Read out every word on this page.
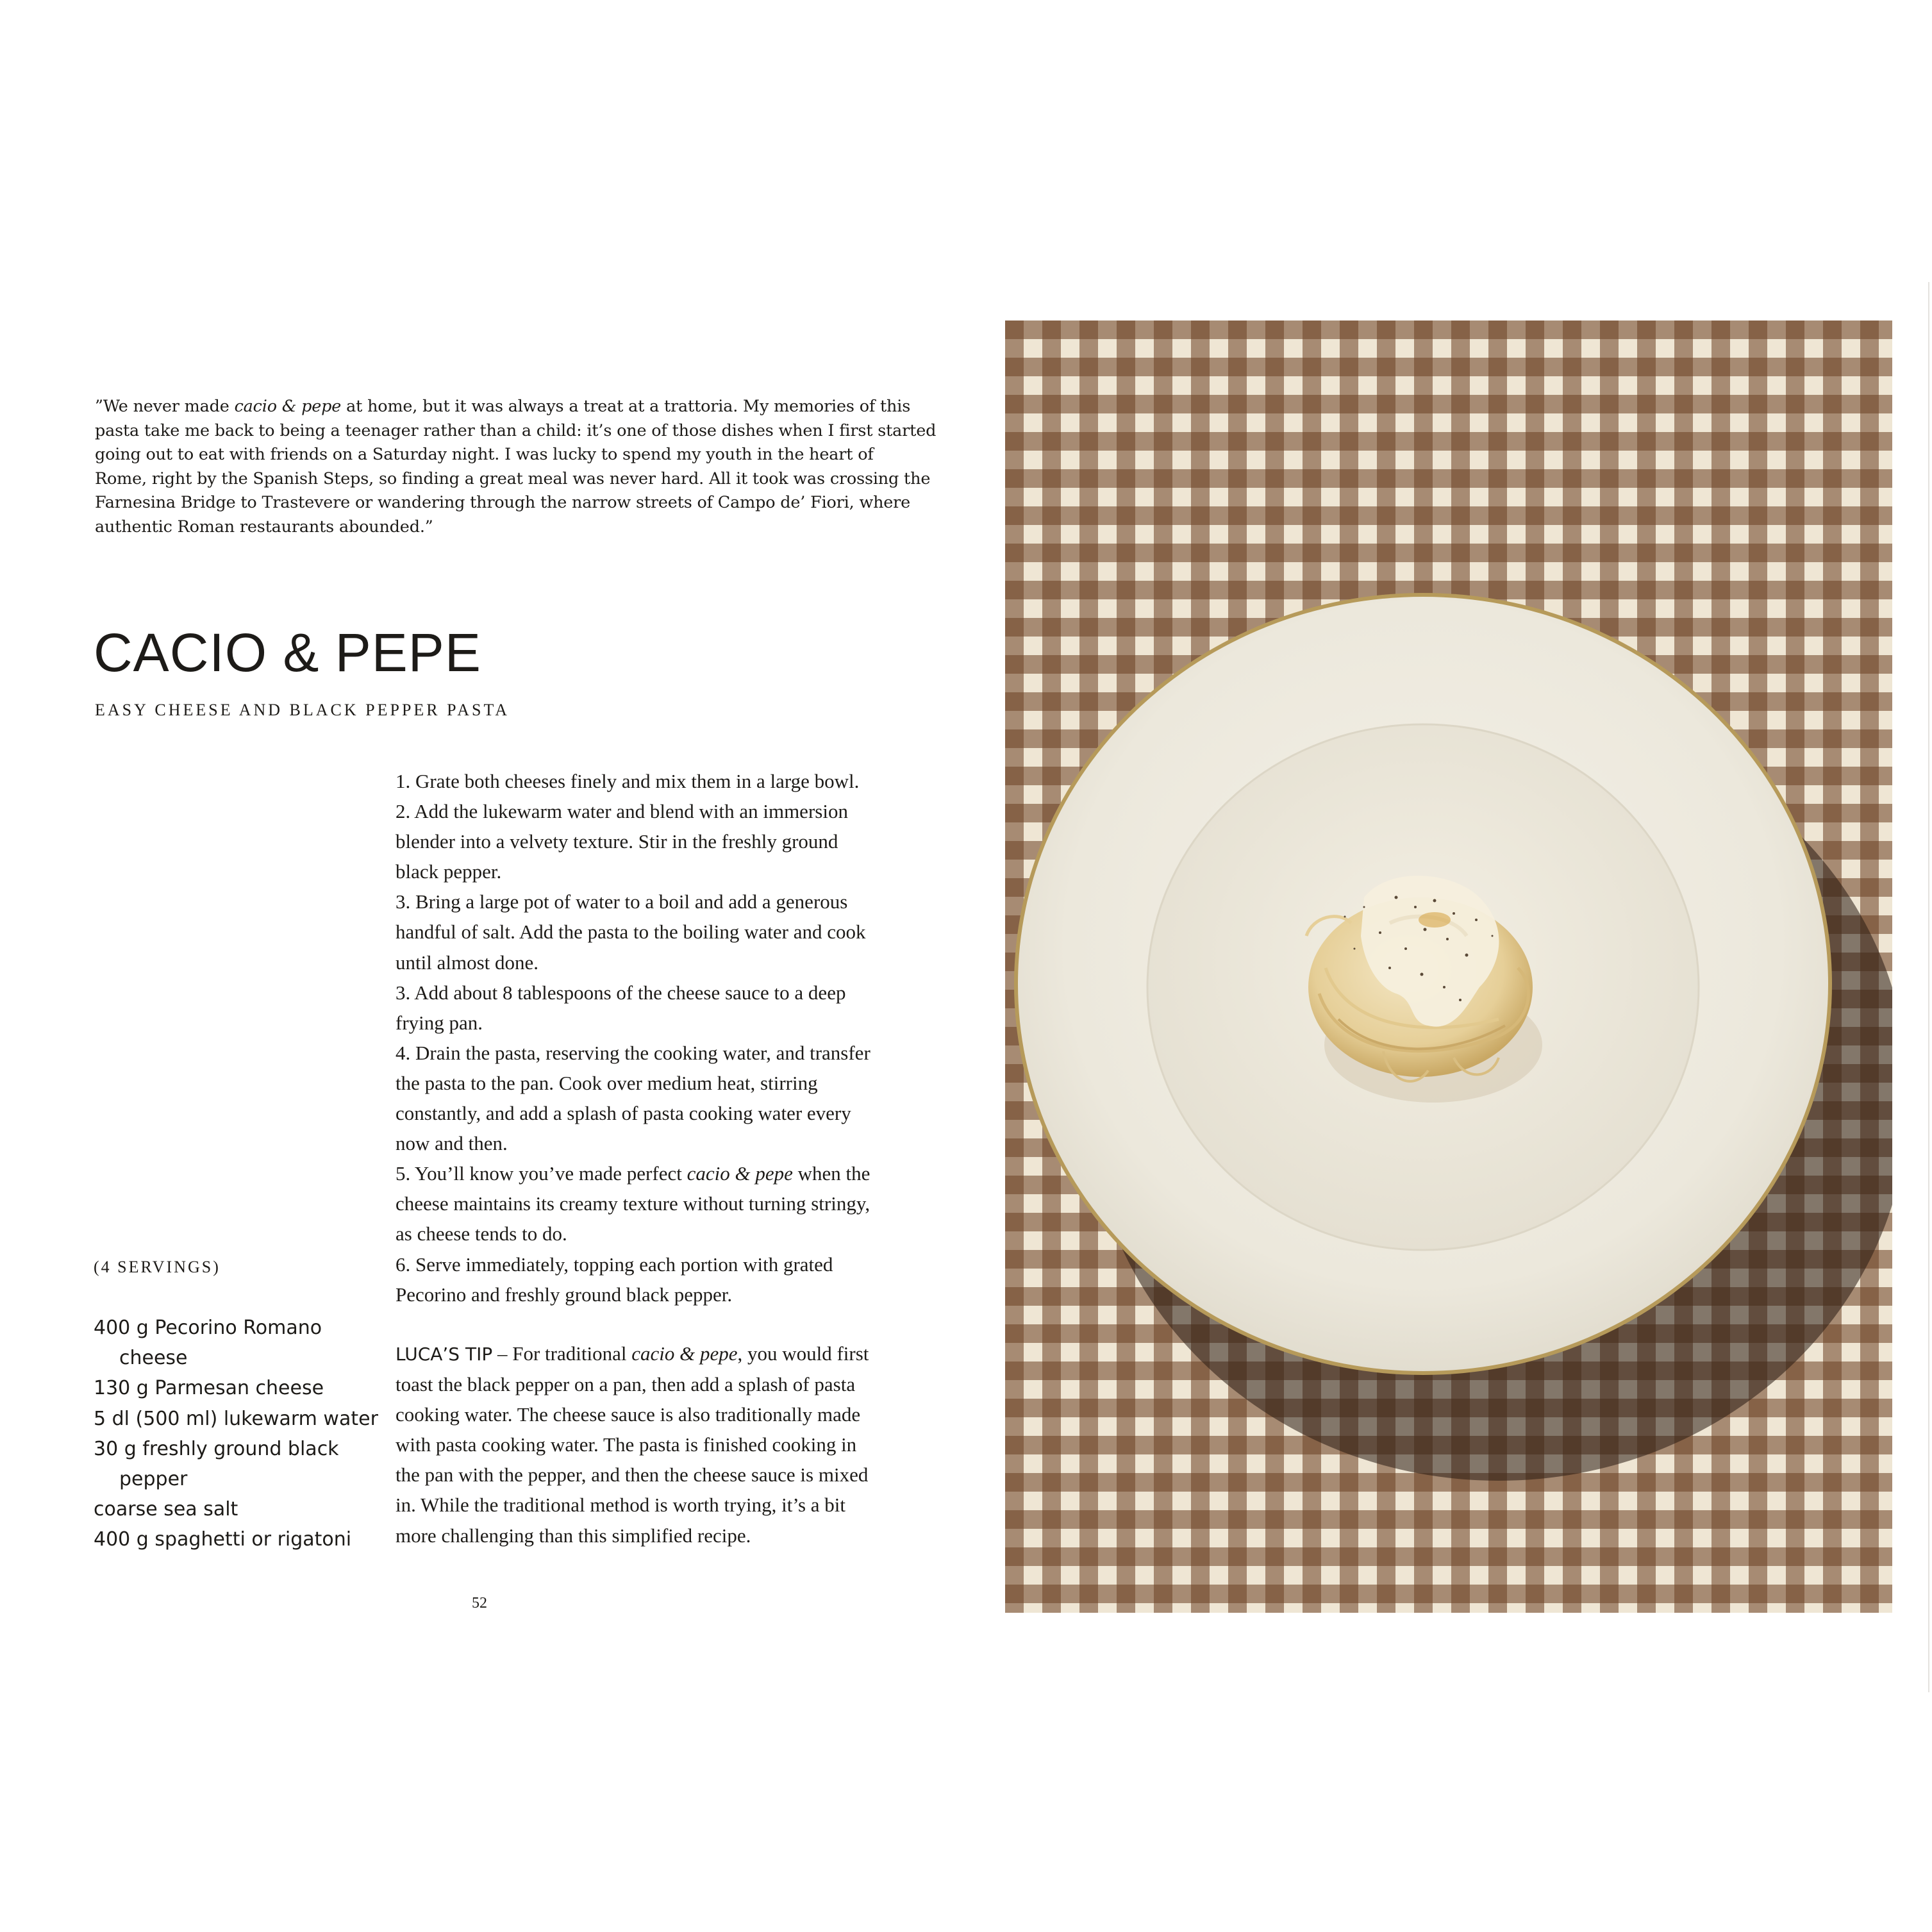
”We never made cacio & pepe at home, but it was always a treat at a trattoria. My memories of this
pasta take me back to being a teenager rather than a child: it’s one of those dishes when I first started
going out to eat with friends on a Saturday night. I was lucky to spend my youth in the heart of
Rome, right by the Spanish Steps, so finding a great meal was never hard. All it took was crossing the
Farnesina Bridge to Trastevere or wandering through the narrow streets of Campo de’ Fiori, where
authentic Roman restaurants abounded.”

CACIO & PEPE
EASY CHEESE AND BLACK PEPPER PASTA

(4 SERVINGS)

400 g Pecorino Romano
cheese
130 g Parmesan cheese
5 dl (500 ml) lukewarm water
30 g freshly ground black
pepper
coarse sea salt
400 g spaghetti or rigatoni
1. Grate both cheeses finely and mix them in a large bowl.
2. Add the lukewarm water and blend with an immersion
blender into a velvety texture. Stir in the freshly ground
black pepper.
3. Bring a large pot of water to a boil and add a generous
handful of salt. Add the pasta to the boiling water and cook
until almost done.
3. Add about 8 tablespoons of the cheese sauce to a deep
frying pan.
4. Drain the pasta, reserving the cooking water, and transfer
the pasta to the pan. Cook over medium heat, stirring
constantly, and add a splash of pasta cooking water every
now and then.
5. You’ll know you’ve made perfect cacio & pepe when the
cheese maintains its creamy texture without turning stringy,
as cheese tends to do.
6. Serve immediately, topping each portion with grated
Pecorino and freshly ground black pepper.
LUCA’S TIP – For traditional cacio & pepe, you would first
toast the black pepper on a pan, then add a splash of pasta
cooking water. The cheese sauce is also traditionally made
with pasta cooking water. The pasta is finished cooking in
the pan with the pepper, and then the cheese sauce is mixed
in. While the traditional method is worth trying, it’s a bit
more challenging than this simplified recipe.

52
